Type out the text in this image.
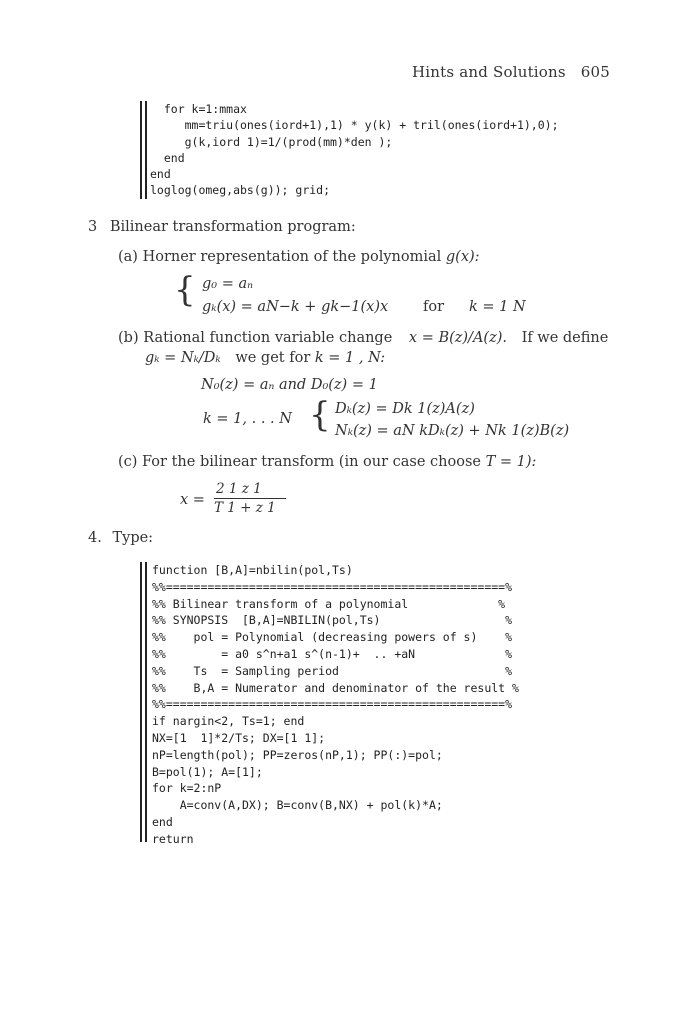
Hints and Solutions 605
for k=1:mmax
mm=triu(ones(iord+1),1) * y(k) + tril(ones(iord+1),0);
g(k,iord 1)=1/(prod(mm)*den );
end
end
loglog(omeg,abs(g)); grid;
3 Bilinear transformation program:
(a) Horner representation of the polynomial g(x):
{ g₀ = aₙ
gₖ(x) = aN−k + gk−1(x)x for k = 1 N
(b) Rational function variable change x = B(z)/A(z). If we define
gₖ = Nₖ/Dₖ we get for k = 1 , N:
N₀(z) = aₙ and D₀(z) = 1
k = 1, . . . N { Dₖ(z) = Dk 1(z)A(z)
Nₖ(z) = aN kDₖ(z) + Nk 1(z)B(z)
(c) For the bilinear transform (in our case choose T = 1):
x =
2 1 z 1
T 1 + z 1
4. Type:
function [B,A]=nbilin(pol,Ts)
%%=================================================%
%% Bilinear transform of a polynomial             %
%% SYNOPSIS  [B,A]=NBILIN(pol,Ts)                  %
%%    pol = Polynomial (decreasing powers of s)    %
%%        = a0 s^n+a1 s^(n-1)+  .. +aN             %
%%    Ts  = Sampling period                        %
%%    B,A = Numerator and denominator of the result %
%%=================================================%
if nargin<2, Ts=1; end
NX=[1  1]*2/Ts; DX=[1 1];
nP=length(pol); PP=zeros(nP,1); PP(:)=pol;
B=pol(1); A=[1];
for k=2:nP
A=conv(A,DX); B=conv(B,NX) + pol(k)*A;
end
return
